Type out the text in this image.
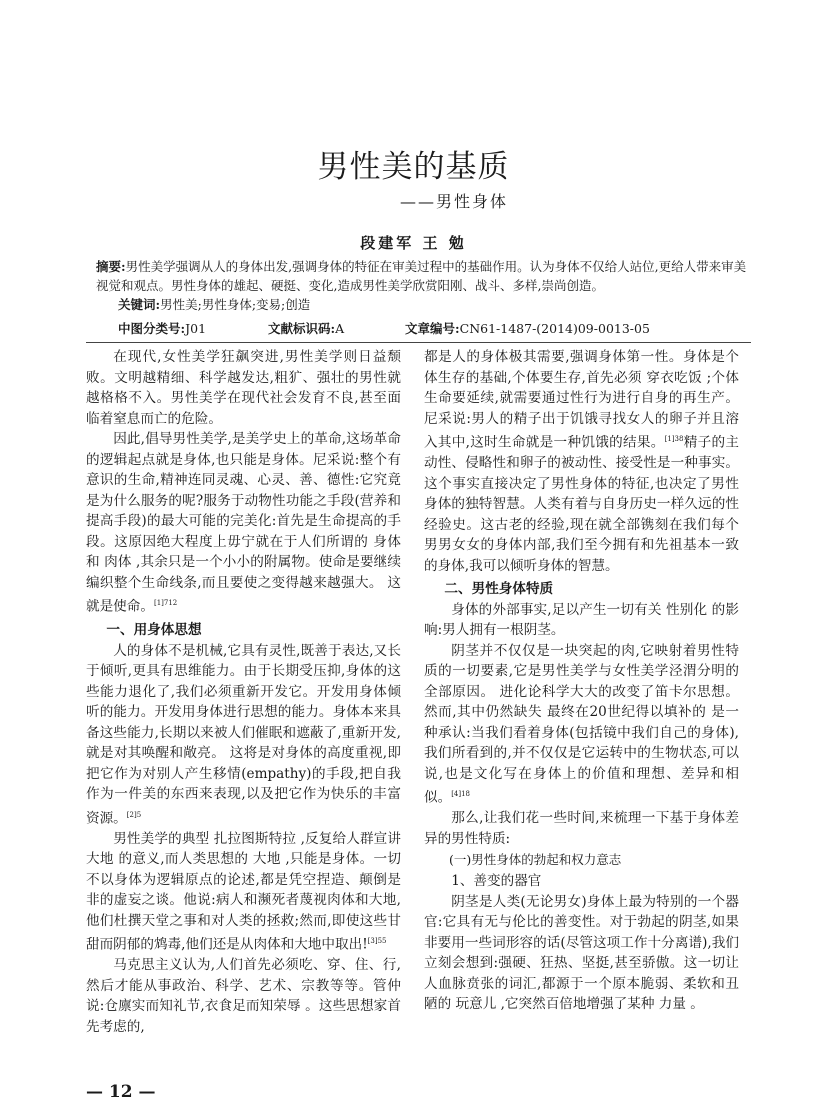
男性美的基质
——男性身体
段建军 王 勉

摘要:男性美学强调从人的身体出发,强调身体的特征在审美过程中的基础作用。认为身体不仅给人站位,更给人带来审美视觉和观点。男性身体的雄起、硬挺、变化,造成男性美学欣赏阳刚、战斗、多样,崇尚创造。

关键词:男性美;男性身体;变易;创造

中图分类号:J01	文献标识码:A	文章编号:CN61-1487-(2014)09-0013-05

在现代,女性美学狂飙突进,男性美学则日益颓败。文明越精细、科学越发达,粗犷、强壮的男性就越格格不入。男性美学在现代社会发育不良,甚至面临着窒息而亡的危险。

因此,倡导男性美学,是美学史上的革命,这场革命的逻辑起点就是身体,也只能是身体。尼采说:整个有意识的生命,精神连同灵魂、心灵、善、德性:它究竟是为什么服务的呢?服务于动物性功能之手段(营养和提高手段)的最大可能的完美化:首先是生命提高的手段。这原因绝大程度上毋宁就在于人们所谓的 身体 和 肉体 ,其余只是一个小小的附属物。使命是要继续编织整个生命线条,而且要使之变得越来越强大。 这就是使命。$^{[1]712}$

一、用身体思想

人的身体不是机械,它具有灵性,既善于表达,又长于倾听,更具有思维能力。由于长期受压抑,身体的这些能力退化了,我们必须重新开发它。开发用身体倾听的能力。开发用身体进行思想的能力。身体本来具备这些能力,长期以来被人们催眠和遮蔽了,重新开发,就是对其唤醒和敞亮。 这将是对身体的高度重视,即把它作为对别人产生移情(empathy)的手段,把自我作为一件美的东西来表现,以及把它作为快乐的丰富资源。$^{[2]5}$

男性美学的典型 扎拉图斯特拉 ,反复给人群宣讲 大地 的意义,而人类思想的 大地 ,只能是身体。一切不以身体为逻辑原点的论述,都是凭空捏造、颠倒是非的虚妄之谈。他说:病人和濒死者蔑视肉体和大地,他们杜撰天堂之事和对人类的拯救;然而,即使这些甘甜而阴郁的鸩毒,他们还是从肉体和大地中取出!$^{[3]55}$

马克思主义认为,人们首先必须吃、穿、住、行,然后才能从事政治、科学、艺术、宗教等等。管仲说:仓廪实而知礼节,衣食足而知荣辱 。这些思想家首先考虑的,

都是人的身体极其需要,强调身体第一性。身体是个体生存的基础,个体要生存,首先必须 穿衣吃饭 ;个体生命要延续,就需要通过性行为进行自身的再生产。尼采说:男人的精子出于饥饿寻找女人的卵子并且溶入其中,这时生命就是一种饥饿的结果。$^{[1]38}$精子的主动性、侵略性和卵子的被动性、接受性是一种事实。这个事实直接决定了男性身体的特征,也决定了男性身体的独特智慧。人类有着与自身历史一样久远的性经验史。这古老的经验,现在就全部镌刻在我们每个男男女女的身体内部,我们至今拥有和先祖基本一致的身体,我可以倾听身体的智慧。

二、男性身体特质

身体的外部事实,足以产生一切有关 性别化 的影响:男人拥有一根阴茎。

阴茎并不仅仅是一块突起的肉,它映射着男性特质的一切要素,它是男性美学与女性美学泾渭分明的全部原因。 进化论科学大大的改变了笛卡尔思想。然而,其中仍然缺失 最终在20世纪得以填补的 是一种承认:当我们看着身体(包括镜中我们自己的身体),我们所看到的,并不仅仅是它运转中的生物状态,可以说,也是文化写在身体上的价值和理想、差异和相似。$^{[4]18}$

那么,让我们花一些时间,来梳理一下基于身体差异的男性特质:

(一)男性身体的勃起和权力意志

1、善变的器官

阴茎是人类(无论男女)身体上最为特别的一个器官:它具有无与伦比的善变性。对于勃起的阴茎,如果非要用一些词形容的话(尽管这项工作十分离谱),我们立刻会想到:强硬、狂热、坚挺,甚至骄傲。这一切让人血脉贲张的词汇,都源于一个原本脆弱、柔软和丑陋的 玩意儿 ,它突然百倍地增强了某种 力量 。

— 12 —
